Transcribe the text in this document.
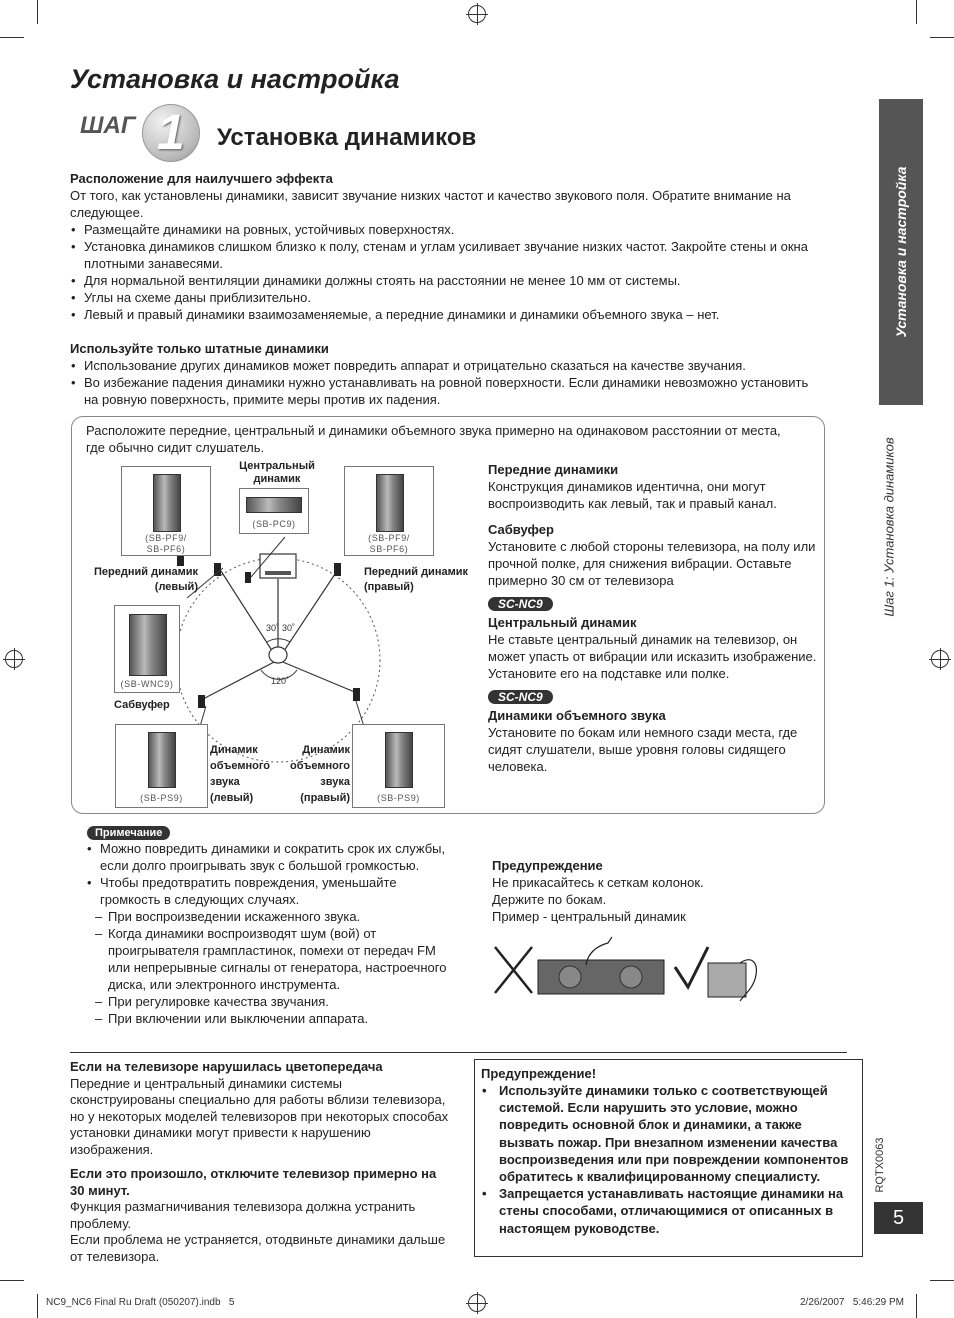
Установка и настройка
ШАГ 1 Установка динамиков
Установка и настройка
Шаг 1: Установка динамиков
RQTX0063
5
Расположение для наилучшего эффекта
От того, как установлены динамики, зависит звучание низких частот и качество звукового поля. Обратите внимание на следующее.
• Размещайте динамики на ровных, устойчивых поверхностях.
• Установка динамиков слишком близко к полу, стенам и углам усиливает звучание низких частот. Закройте стены и окна плотными занавесями.
• Для нормальной вентиляции динамики должны стоять на расстоянии не менее 10 мм от системы.
• Углы на схеме даны приблизительно.
• Левый и правый динамики взаимозаменяемые, а передние динамики и динамики объемного звука – нет.
Используйте только штатные динамики
• Использование других динамиков может повредить аппарат и отрицательно сказаться на качестве звучания.
• Во избежание падения динамики нужно устанавливать на ровной поверхности. Если динамики невозможно установить на ровную поверхность, примите меры против их падения.
Расположите передние, центральный и динамики объемного звука примерно на одинаковом расстоянии от места, где обычно сидит слушатель.
30˚ 30˚
120˚
Центральный динамик
(SB-PC9)
(SB-PF9/ SB-PF6)
Передний динамик (левый)
(SB-PF9/ SB-PF6)
Передний динамик (правый)
(SB-WNC9)
Сабвуфер
(SB-PS9)
Динамик объемного звука (левый)	(SB-PS9)
Динамик объемного звука (правый)
Передние динамики
Конструкция динамиков идентична, они могут воспроизводить как левый, так и правый канал.
Сабвуфер
Установите с любой стороны телевизора, на полу или прочной полке, для снижения вибрации. Оставьте примерно 30 см от телевизора
SC-NC9
Центральный динамик
Не ставьте центральный динамик на телевизор, он может упасть от вибрации или исказить изображение.
Установите его на подставке или полке.
SC-NC9
Динамики объемного звука
Установите по бокам или немного сзади места, где сидят слушатели, выше уровня головы сидящего человека.
Примечание
• Можно повредить динамики и сократить срок их службы, если долго проигрывать звук с большой громкостью.
• Чтобы предотвратить повреждения, уменьшайте громкость в следующих случаях.
– При воспроизведении искаженного звука.
– Когда динамики воспроизводят шум (вой) от проигрывателя грампластинок, помехи от передач FM или непрерывные сигналы от генератора, настроечного диска, или электронного инструмента.
– При регулировке качества звучания.
– При включении или выключении аппарата.
Предупреждение
Не прикасайтесь к сеткам колонок.
Держите по бокам.
Пример - центральный динамик
Если на телевизоре нарушилась цветопередача
Передние и центральный динамики системы сконструированы специально для работы вблизи телевизора, но у некоторых моделей телевизоров при некоторых способах установки динамики могут привести к нарушению изображения.
Если это произошло, отключите телевизор примерно на 30 минут.
Функция размагничивания телевизора должна устранить проблему.
Если проблема не устраняется, отодвиньте динамики дальше от телевизора.
Предупреждение!
• Используйте динамики только с соответствующей системой. Если нарушить это условие, можно повредить основной блок и динамики, а также вызвать пожар. При внезапном изменении качества воспроизведения или при повреждении компонентов обратитесь к квалифицированному специалисту.
• Запрещается устанавливать настоящие динамики на стены способами, отличающимися от описанных в настоящем руководстве.
NC9_NC6 Final Ru Draft (050207).indb   5	2/26/2007   5:46:29 PM
